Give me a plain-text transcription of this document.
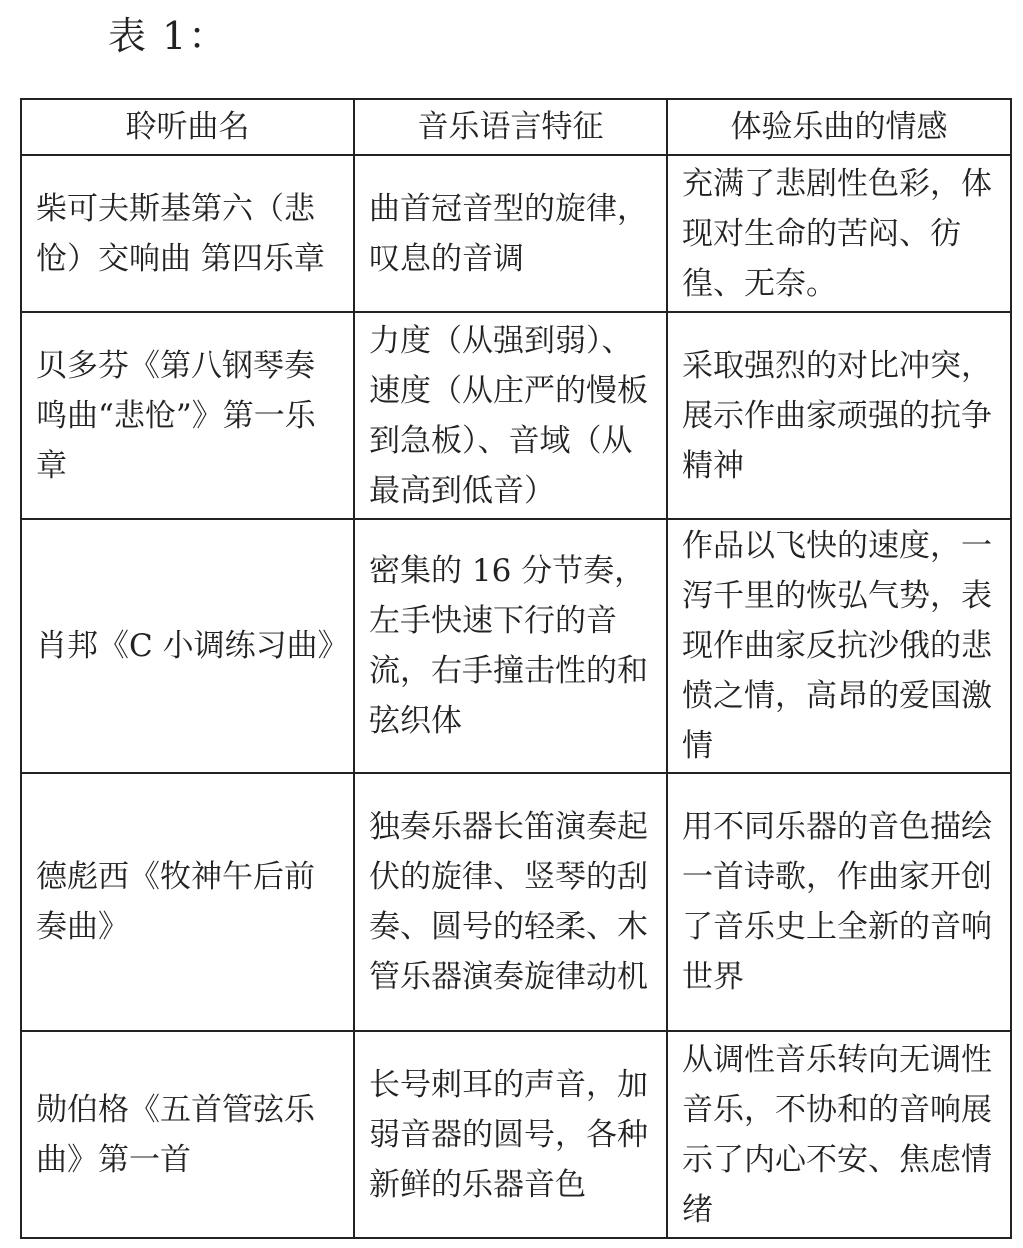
表 1：
聆听曲名	音乐语言特征	体验乐曲的情感
柴可夫斯基第六（悲怆）交响曲 第四乐章	曲首冠音型的旋律，叹息的音调	充满了悲剧性色彩，体现对生命的苦闷、彷徨、无奈。
贝多芬《第八钢琴奏鸣曲“悲怆”》第一乐章	力度（从强到弱）、速度（从庄严的慢板到急板）、音域（从最高到低音）	采取强烈的对比冲突，展示作曲家顽强的抗争精神
肖邦《C 小调练习曲》	密集的 16 分节奏，左手快速下行的音流，右手撞击性的和弦织体	作品以飞快的速度，一泻千里的恢弘气势，表现作曲家反抗沙俄的悲愤之情，高昂的爱国激情
德彪西《牧神午后前奏曲》	独奏乐器长笛演奏起伏的旋律、竖琴的刮奏、圆号的轻柔、木管乐器演奏旋律动机	用不同乐器的音色描绘一首诗歌，作曲家开创了音乐史上全新的音响世界
勋伯格《五首管弦乐曲》第一首	长号刺耳的声音，加弱音器的圆号，各种新鲜的乐器音色	从调性音乐转向无调性音乐，不协和的音响展示了内心不安、焦虑情绪
